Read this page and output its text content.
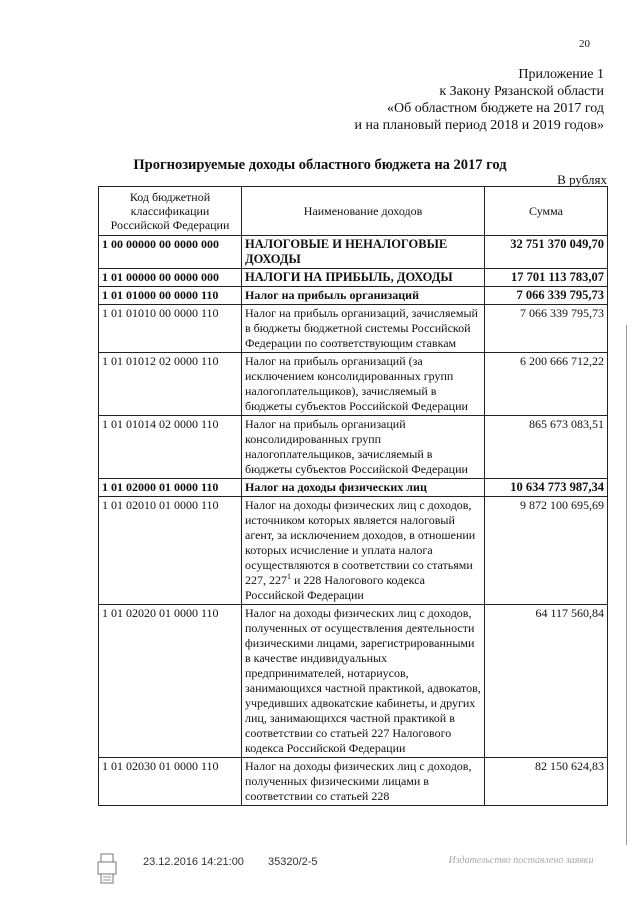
20
Приложение 1
к Закону Рязанской области
«Об областном бюджете на 2017 год
и на плановый период 2018 и 2019 годов»
Прогнозируемые доходы областного бюджета на 2017 год
В рублях
Код бюджетной классификации Российской Федерации	Наименование доходов	Сумма
1 00 00000 00 0000 000	НАЛОГОВЫЕ И НЕНАЛОГОВЫЕ ДОХОДЫ	32 751 370 049,70
1 01 00000 00 0000 000	НАЛОГИ НА ПРИБЫЛЬ, ДОХОДЫ	17 701 113 783,07
1 01 01000 00 0000 110	Налог на прибыль организаций	7 066 339 795,73
1 01 01010 00 0000 110	Налог на прибыль организаций, зачисляемый в бюджеты бюджетной системы Российской Федерации по соответствующим ставкам	7 066 339 795,73
1 01 01012 02 0000 110	Налог на прибыль организаций (за исключением консолидированных групп налогоплательщиков), зачисляемый в бюджеты субъектов Российской Федерации	6 200 666 712,22
1 01 01014 02 0000 110	Налог на прибыль организаций консолидированных групп налогоплательщиков, зачисляемый в бюджеты субъектов Российской Федерации	865 673 083,51
1 01 02000 01 0000 110	Налог на доходы физических лиц	10 634 773 987,34
1 01 02010 01 0000 110	Налог на доходы физических лиц с доходов, источником которых является налоговый агент, за исключением доходов, в отношении которых исчисление и уплата налога осуществляются в соответствии со статьями 227, $227^1$ и 228 Налогового кодекса Российской Федерации	9 872 100 695,69
1 01 02020 01 0000 110	Налог на доходы физических лиц с доходов, полученных от осуществления деятельности физическими лицами, зарегистрированными в качестве индивидуальных предпринимателей, нотариусов, занимающихся частной практикой, адвокатов, учредивших адвокатские кабинеты, и других лиц, занимающихся частной практикой в соответствии со статьей 227 Налогового кодекса Российской Федерации	64 117 560,84
1 01 02030 01 0000 110	Налог на доходы физических лиц с доходов, полученных физическими лицами в соответствии со статьей 228	82 150 624,83
23.12.2016 14:21:00 35320/2-5	Издательство поставлено заявки
